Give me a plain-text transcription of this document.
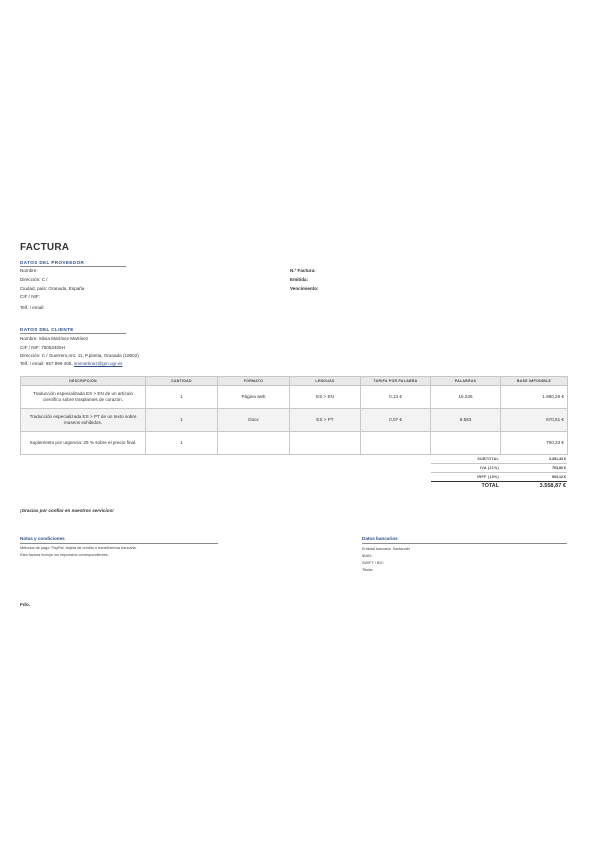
FACTURA
DATOS DEL PROVEEDOR
Nombre:
Dirección: C /
Ciudad, país: Granada, España
CIF / NIF:
Telf. / email:
N.º Factura:
Emitida:
Vencimiento:
DATOS DEL CLIENTE
Nombre: Silvia Martínez Martínez
CIF / NIF: 75053405H
Dirección: C / Guerrero,nro. 11, P.planta, Granada (18002)
Telf. / email: 657 899 405, smmartinez@gm.ugr.es
DESCRIPCIÓN	CANTIDAD	FORMATO	LENGUAS	TARIFA POR PALABRA	PALABRAS	BASE IMPONIBLE
Traducción especializada ES > EN de un artículo científico sobre trasplantes de corazón.	1	Página web	ES > EN	0,13 €	15.236	1.980,29 €
Traducción especializada ES > PT de un texto sobre museos exhibidos.	1	Docx	ES > PT	0,07 €	9.583	670,81 €
Suplemento por urgencia: 25 % sobre el precio final.	1					700,33 €
SUBTOTAL	3.351,43 €
IVA (21%)	703,80 €
IRPF (15%)	503,12 €
TOTAL	3.558,87 €
¡Gracias por confiar en nuestros servicios!
Notas y condiciones
Métodos de pago: PayPal, tarjeta de crédito o transferencia bancaria.
Esta factura incluye los impuestos correspondientes.
Datos bancarios
Entidad bancaria: Santander
IBAN:
SWIFT / BIC:
Titular:
Fdo.
